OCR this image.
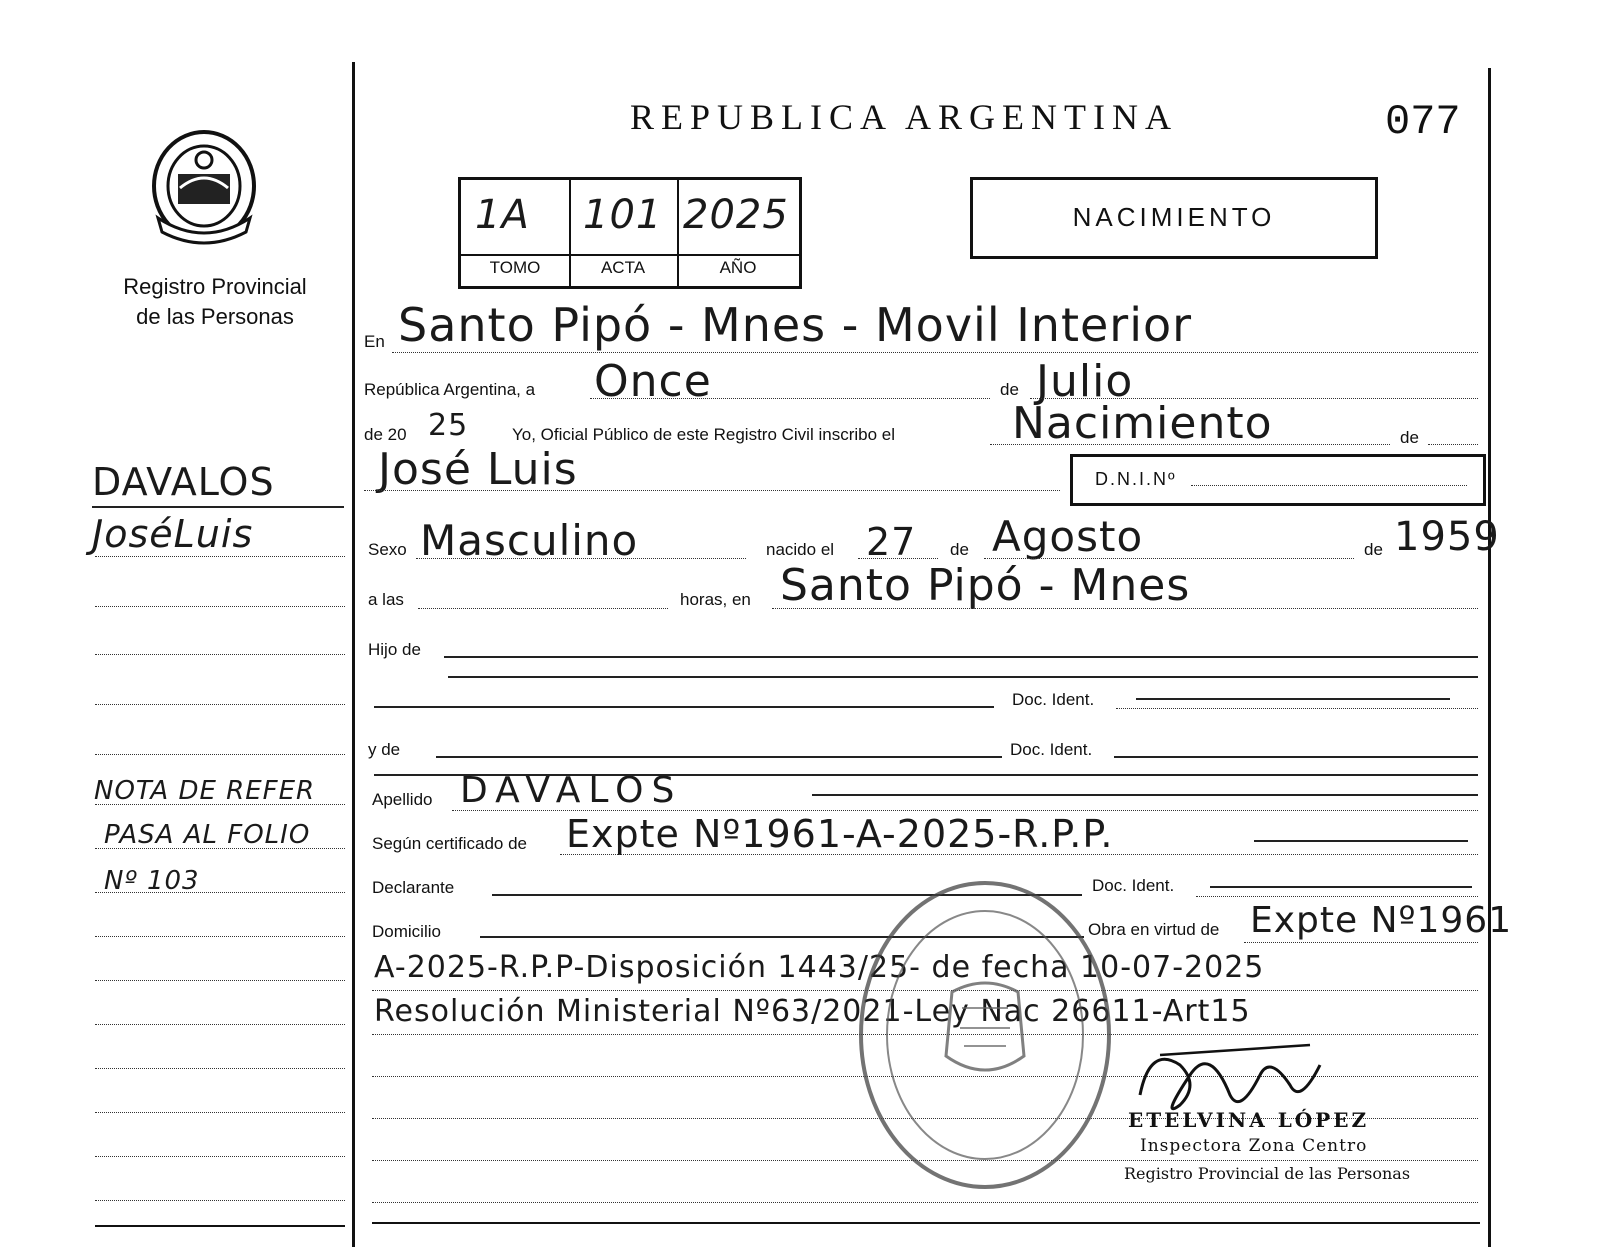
REPUBLICA ARGENTINA	077
1A 101 2025
TOMO	ACTA	AÑO
NACIMIENTO
Registro Provincial
de las Personas
DAVALOS
JoséLuis
NOTA DE REFER
PASA AL FOLIO
Nº 103
En Santo Pipó - Mnes - Movil Interior
República Argentina, a Once	de Julio
de 20 25	Yo, Oficial Público de este Registro Civil inscribo el	Nacimiento	de
José Luis	D.N.I.Nº
Sexo Masculino	nacido el 27 de Agosto	de 1959
a las	horas, en Santo Pipó - Mnes
Hijo de
Doc. Ident.
y de	Doc. Ident.
Apellido DAVALOS
Según certificado de Expte Nº1961-A-2025-R.P.P.
Declarante	Doc. Ident.
Domicilio	Obra en virtud de Expte Nº1961
A-2025-R.P.P-Disposición 1443/25- de fecha 10-07-2025
Resolución Ministerial Nº63/2021-Ley Nac 26611-Art15
ETELVINA LÓPEZ
Inspectora Zona Centro
Registro Provincial de las Personas
